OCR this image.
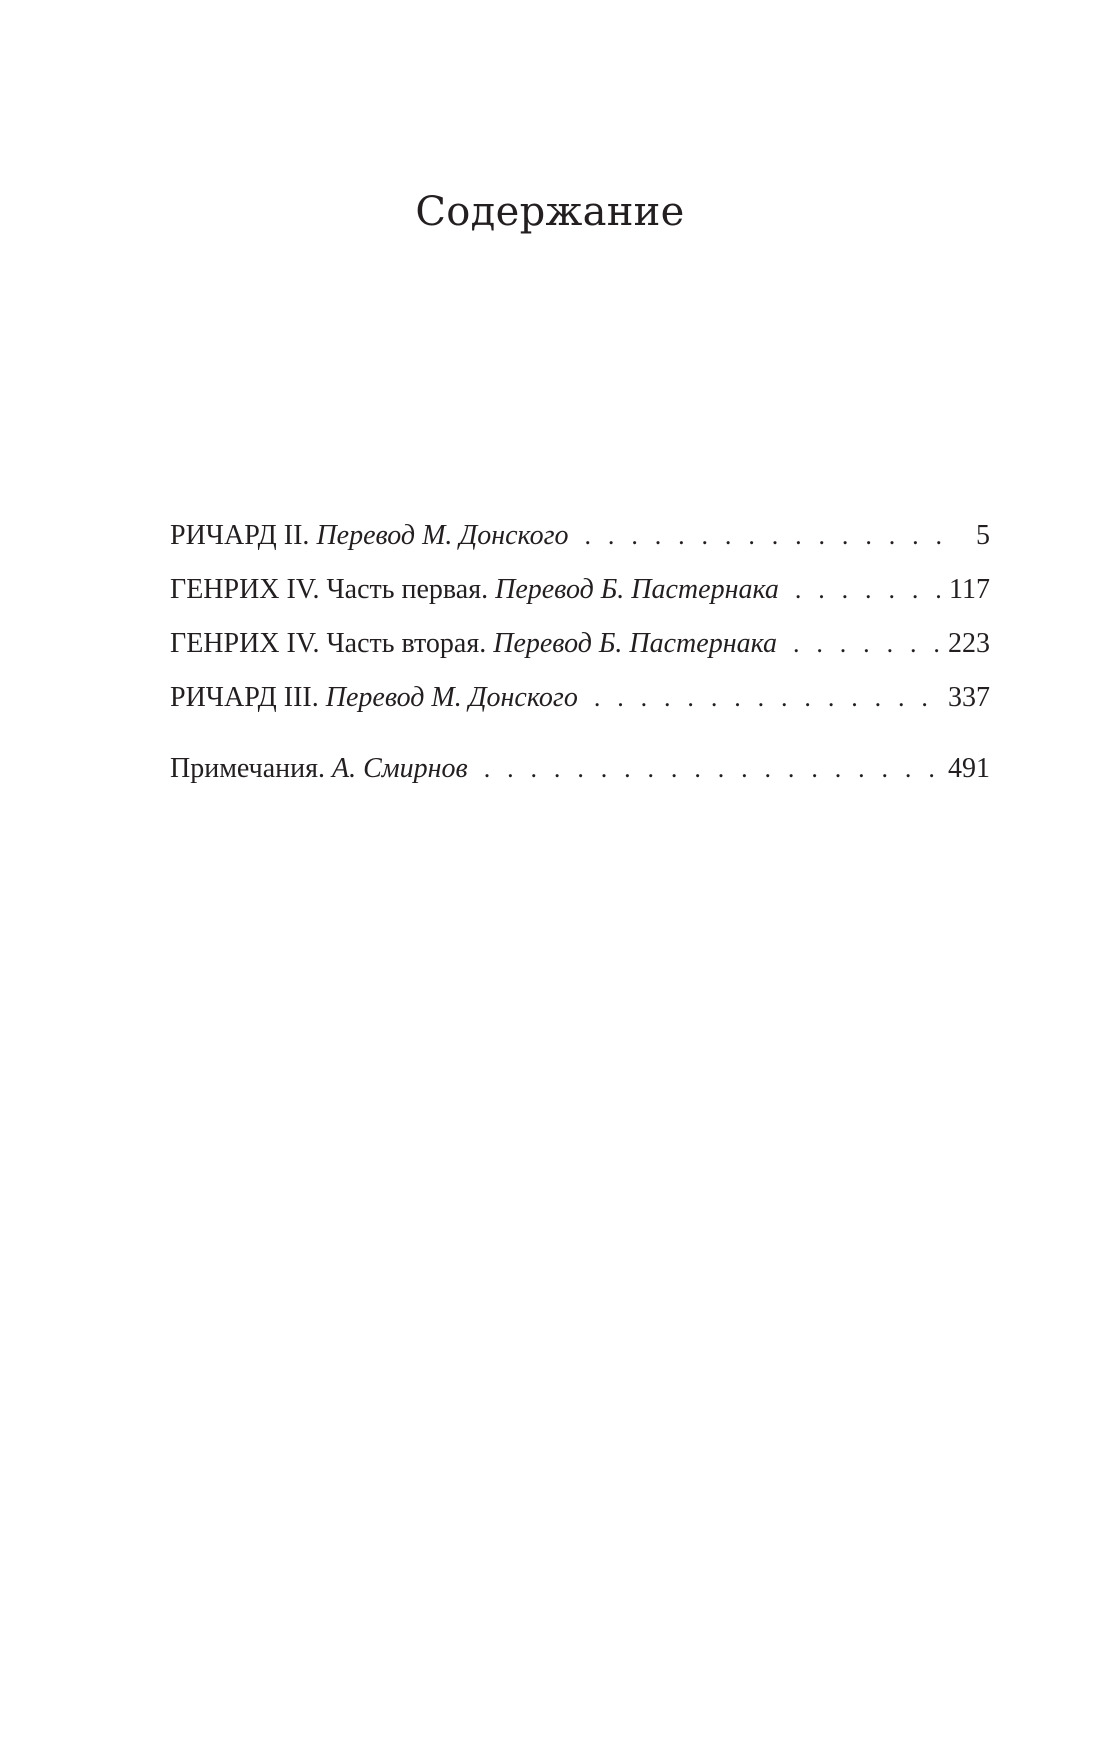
Содержание
РИЧАРД II. Перевод М. Донского . . .	5
ГЕНРИХ IV. Часть первая. Перевод Б. Пастернака . . .	117
ГЕНРИХ IV. Часть вторая. Перевод Б. Пастернака . . .	223
РИЧАРД III. Перевод М. Донского . . .	337
Примечания. А. Смирнов . . .	491
